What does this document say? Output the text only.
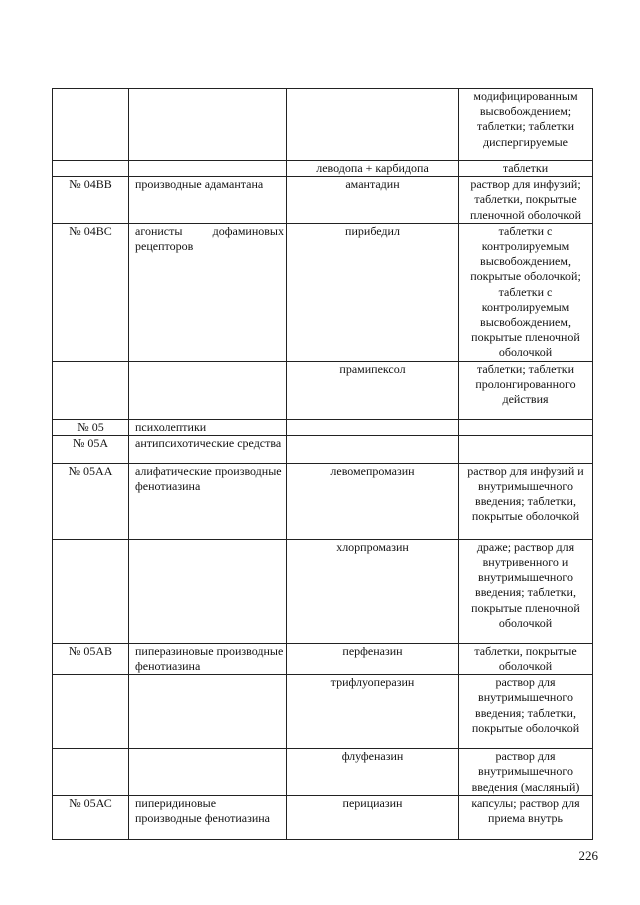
			модифицированным высвобождением; таблетки; таблетки диспергируемые
		леводопа + карбидопа	таблетки
№ 04ВВ	производные адамантана	амантадин	раствор для инфузий; таблетки, покрытые пленочной оболочкой
№ 04ВС	агонисты дофаминовых рецепторов	пирибедил	таблетки с контролируемым высвобождением, покрытые оболочкой; таблетки с контролируемым высвобождением, покрытые пленочной оболочкой
		прамипексол	таблетки; таблетки пролонгированного действия
№ 05	психолептики		
№ 05А	антипсихотические средства		
№ 05АА	алифатические производные фенотиазина	левомепромазин	раствор для инфузий и внутримышечного введения; таблетки, покрытые оболочкой
		хлорпромазин	драже; раствор для внутривенного и внутримышечного введения; таблетки, покрытые пленочной оболочкой
№ 05АВ	пиперазиновые производные фенотиазина	перфеназин	таблетки, покрытые оболочкой
		трифлуоперазин	раствор для внутримышечного введения; таблетки, покрытые оболочкой
		флуфеназин	раствор для внутримышечного введения (масляный)
№ 05АС	пиперидиновые производные фенотиазина	перициазин	капсулы; раствор для приема внутрь
226
